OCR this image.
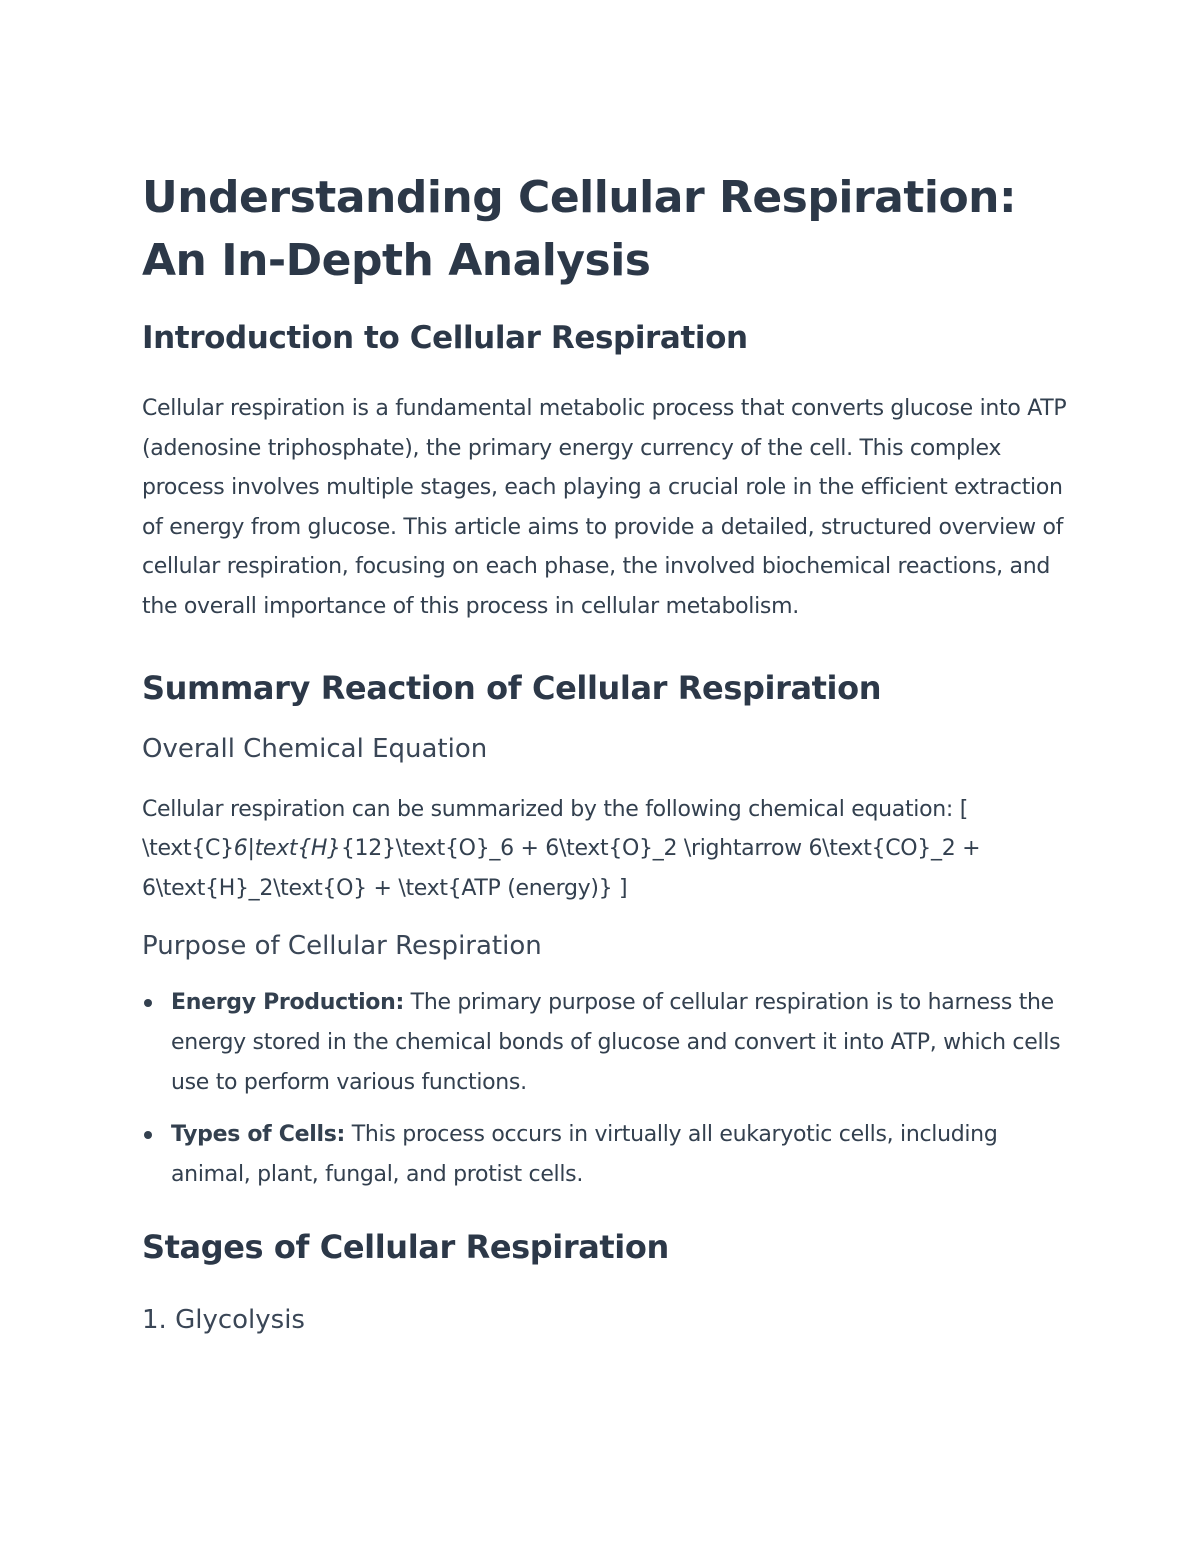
Understanding Cellular Respiration: An In-Depth Analysis
Introduction to Cellular Respiration

Cellular respiration is a fundamental metabolic process that converts glucose into ATP (adenosine triphosphate), the primary energy currency of the cell. This complex process involves multiple stages, each playing a crucial role in the efficient extraction of energy from glucose. This article aims to provide a detailed, structured overview of cellular respiration, focusing on each phase, the involved biochemical reactions, and the overall importance of this process in cellular metabolism.

Summary Reaction of Cellular Respiration
Overall Chemical Equation

Cellular respiration can be summarized by the following chemical equation: [ \text{C}6|text{H}{12}\text{O}_6 + 6\text{O}_2 \rightarrow 6\text{CO}_2 + 6\text{H}_2\text{O} + \text{ATP (energy)} ]

Purpose of Cellular Respiration
Energy Production: The primary purpose of cellular respiration is to harness the energy stored in the chemical bonds of glucose and convert it into ATP, which cells use to perform various functions.
Types of Cells: This process occurs in virtually all eukaryotic cells, including animal, plant, fungal, and protist cells.
Stages of Cellular Respiration
1. Glycolysis
